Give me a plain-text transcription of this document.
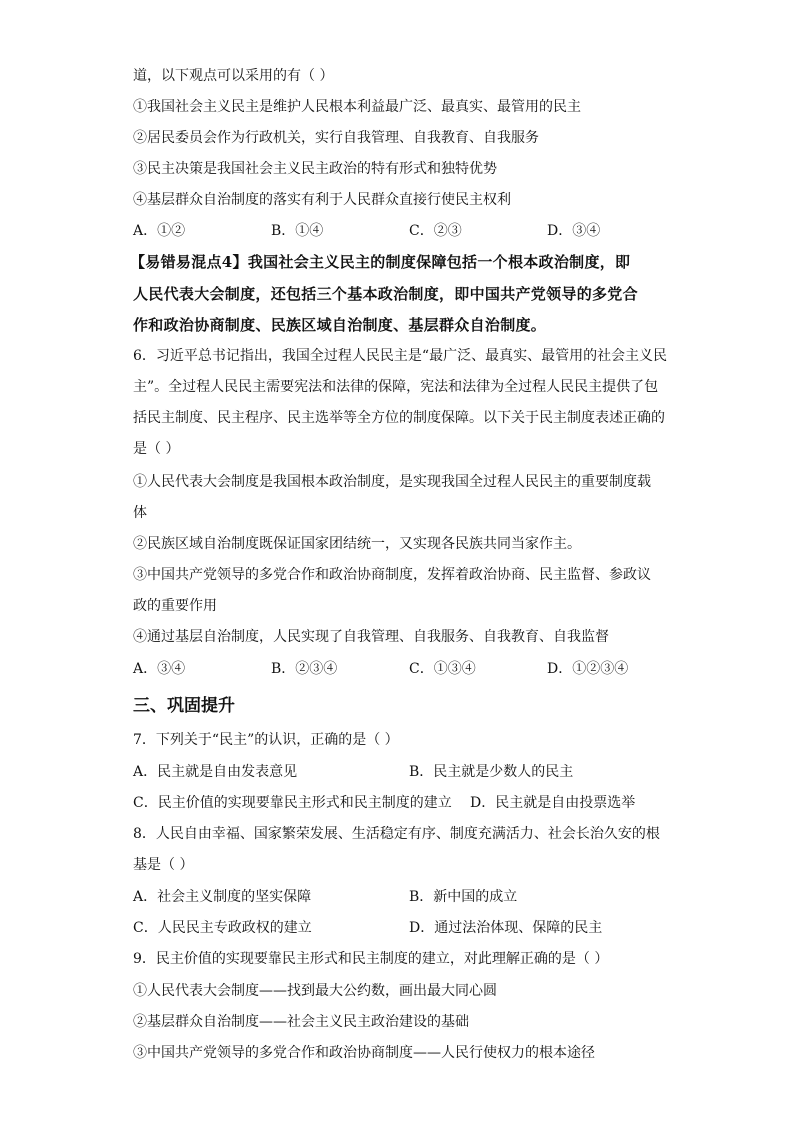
道，以下观点可以采用的有（ ）
①我国社会主义民主是维护人民根本利益最广泛、最真实、最管用的民主
②居民委员会作为行政机关，实行自我管理、自我教育、自我服务
③民主决策是我国社会主义民主政治的特有形式和独特优势
④基层群众自治制度的落实有利于人民群众直接行使民主权利
A．①②	B．①④	C．②③	D．③④
【易错易混点4】我国社会主义民主的制度保障包括一个根本政治制度，即
人民代表大会制度，还包括三个基本政治制度，即中国共产党领导的多党合
作和政治协商制度、民族区域自治制度、基层群众自治制度。
6．习近平总书记指出，我国全过程人民民主是“最广泛、最真实、最管用的社会主义民
主”。全过程人民民主需要宪法和法律的保障，宪法和法律为全过程人民民主提供了包
括民主制度、民主程序、民主选举等全方位的制度保障。以下关于民主制度表述正确的
是（ ）
①人民代表大会制度是我国根本政治制度，是实现我国全过程人民民主的重要制度载
体
②民族区域自治制度既保证国家团结统一，又实现各民族共同当家作主。
③中国共产党领导的多党合作和政治协商制度，发挥着政治协商、民主监督、参政议
政的重要作用
④通过基层自治制度，人民实现了自我管理、自我服务、自我教育、自我监督
A．③④	B．②③④	C．①③④	D．①②③④
三、巩固提升
7．下列关于“民主”的认识，正确的是（ ）
A．民主就是自由发表意见	B．民主就是少数人的民主
C．民主价值的实现要靠民主形式和民主制度的建立 D．民主就是自由投票选举
8．人民自由幸福、国家繁荣发展、生活稳定有序、制度充满活力、社会长治久安的根
基是（ ）
A．社会主义制度的坚实保障	B．新中国的成立
C．人民民主专政政权的建立	D．通过法治体现、保障的民主
9．民主价值的实现要靠民主形式和民主制度的建立，对此理解正确的是（ ）
①人民代表大会制度——找到最大公约数，画出最大同心圆
②基层群众自治制度——社会主义民主政治建设的基础
③中国共产党领导的多党合作和政治协商制度——人民行使权力的根本途径
